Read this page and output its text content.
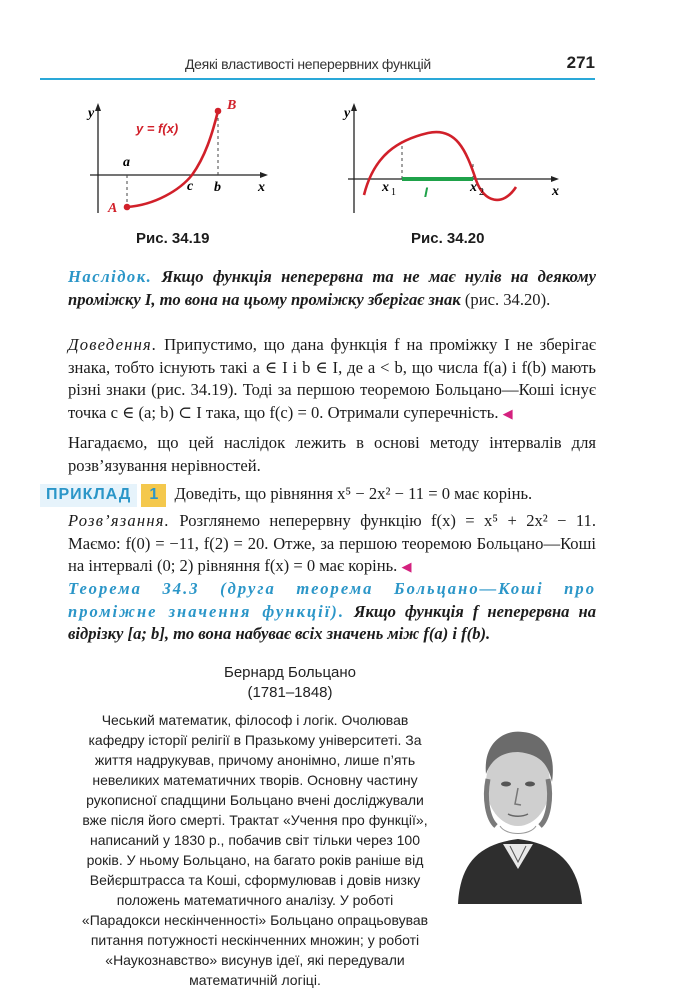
Деякі властивості неперервних функцій	271
y
x
y = f(x)
a
c b
A
B
Рис. 34.19
y
x
x 1	x 2
I
Рис. 34.20
Наслідок. Якщо функція неперервна та не має нулів на деякому проміжку I, то вона на цьому проміжку зберігає знак (рис. 34.20).
Доведення. Припустимо, що дана функція f на проміжку I не зберігає знака, тобто існують такі a ∈ I і b ∈ I, де a < b, що числа f(a) і f(b) мають різні знаки (рис. 34.19). Тоді за першою теоремою Больцано—Коші існує точка c ∈ (a; b) ⊂ I така, що f(c) = 0. Отримали суперечність. ◀
Нагадаємо, що цей наслідок лежить в основі методу інтервалів для розв’язування нерівностей.
ПРИКЛАД 1 Доведіть, що рівняння x⁵ − 2x² − 11 = 0 має корінь.
Розв’язання. Розглянемо неперервну функцію f(x) = x⁵ + 2x² − 11. Маємо: f(0) = −11, f(2) = 20. Отже, за першою теоремою Больцано—Коші на інтервалі (0; 2) рівняння f(x) = 0 має корінь. ◀
Теорема 34.3 (друга теорема Больцано—Коші про проміжне значення функції). Якщо функція f неперервна на відрізку [a; b], то вона набуває всіх значень між f(a) і f(b).
Бернард Больцано
(1781–1848)
Чеський математик, філософ і логік. Очолював кафедру історії релігії в Празькому університеті. За життя надрукував, причому анонімно, лише п’ять невеликих математичних творів. Основну частину рукописної спадщини Больцано вчені досліджували вже після його смерті. Трактат «Учення про функції», написаний у 1830 р., побачив світ тільки через 100 років. У ньому Больцано, на багато років раніше від Вейєрштрасса та Коші, сформулював і довів низку положень математичного аналізу. У роботі «Парадокси нескінченності» Больцано опрацьовував питання потужності нескінченних множин; у роботі «Наукознавство» висунув ідеї, які передували математичній логіці.
